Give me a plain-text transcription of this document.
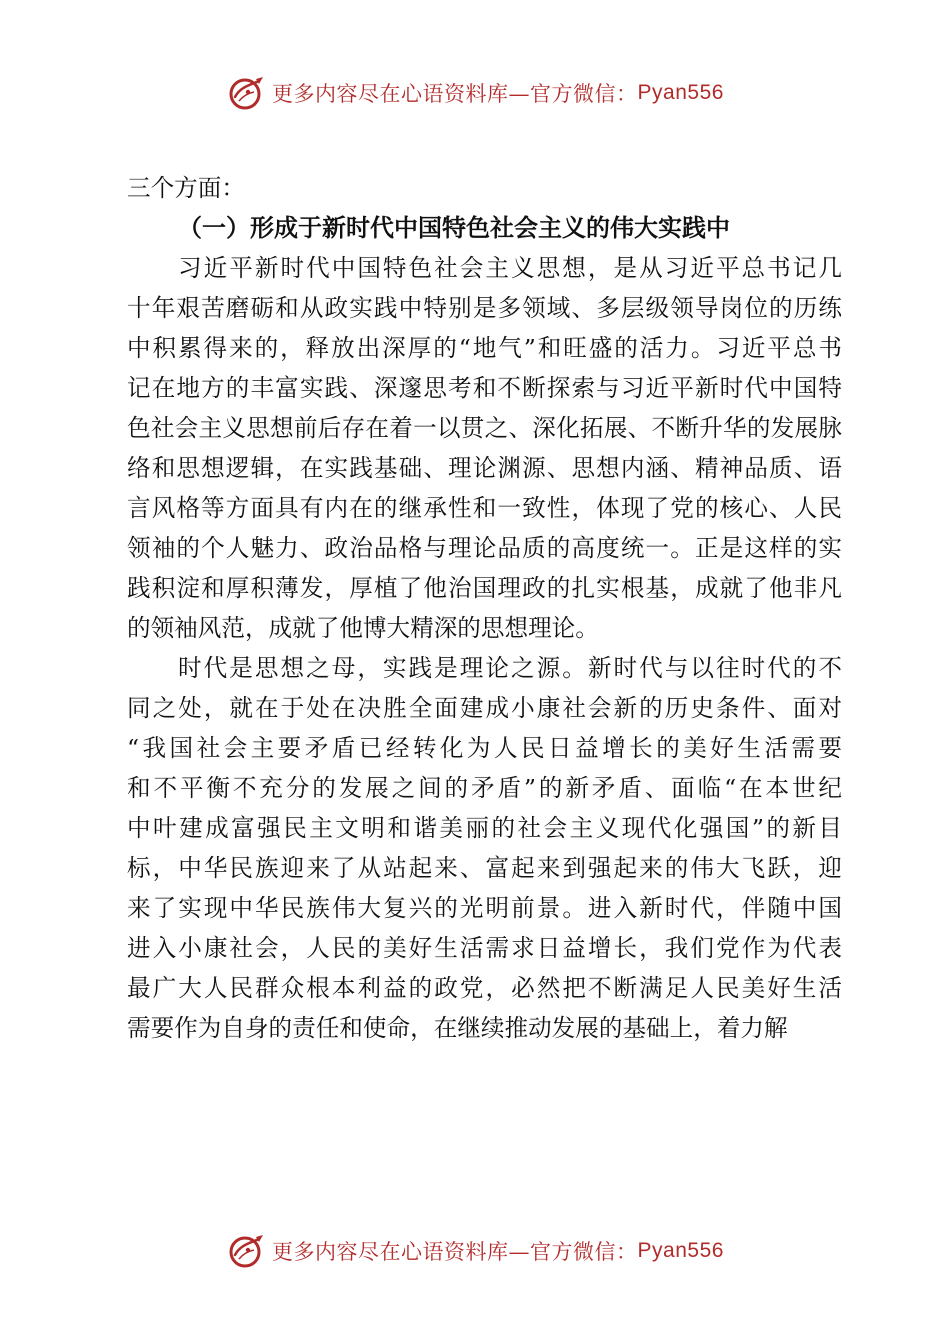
更多内容尽在心语资料库—官方微信： Pyan556
三个方面：
（一）形成于新时代中国特色社会主义的伟大实践中
习近平新时代中国特色社会主义思想，是从习近平总书记几
十年艰苦磨砺和从政实践中特别是多领域、多层级领导岗位的历练
中积累得来的，释放出深厚的“地气”和旺盛的活力。习近平总书
记在地方的丰富实践、深邃思考和不断探索与习近平新时代中国特
色社会主义思想前后存在着一以贯之、深化拓展、不断升华的发展脉
络和思想逻辑，在实践基础、理论渊源、思想内涵、精神品质、语
言风格等方面具有内在的继承性和一致性，体现了党的核心、人民
领袖的个人魅力、政治品格与理论品质的高度统一。正是这样的实
践积淀和厚积薄发，厚植了他治国理政的扎实根基，成就了他非凡
的领袖风范，成就了他博大精深的思想理论。
时代是思想之母，实践是理论之源。新时代与以往时代的不
同之处，就在于处在决胜全面建成小康社会新的历史条件、面对
“我国社会主要矛盾已经转化为人民日益增长的美好生活需要
和不平衡不充分的发展之间的矛盾”的新矛盾、面临“在本世纪
中叶建成富强民主文明和谐美丽的社会主义现代化强国”的新目
标，中华民族迎来了从站起来、富起来到强起来的伟大飞跃，迎
来了实现中华民族伟大复兴的光明前景。进入新时代，伴随中国
进入小康社会，人民的美好生活需求日益增长，我们党作为代表
最广大人民群众根本利益的政党，必然把不断满足人民美好生活
需要作为自身的责任和使命，在继续推动发展的基础上，着力解
更多内容尽在心语资料库—官方微信： Pyan556
